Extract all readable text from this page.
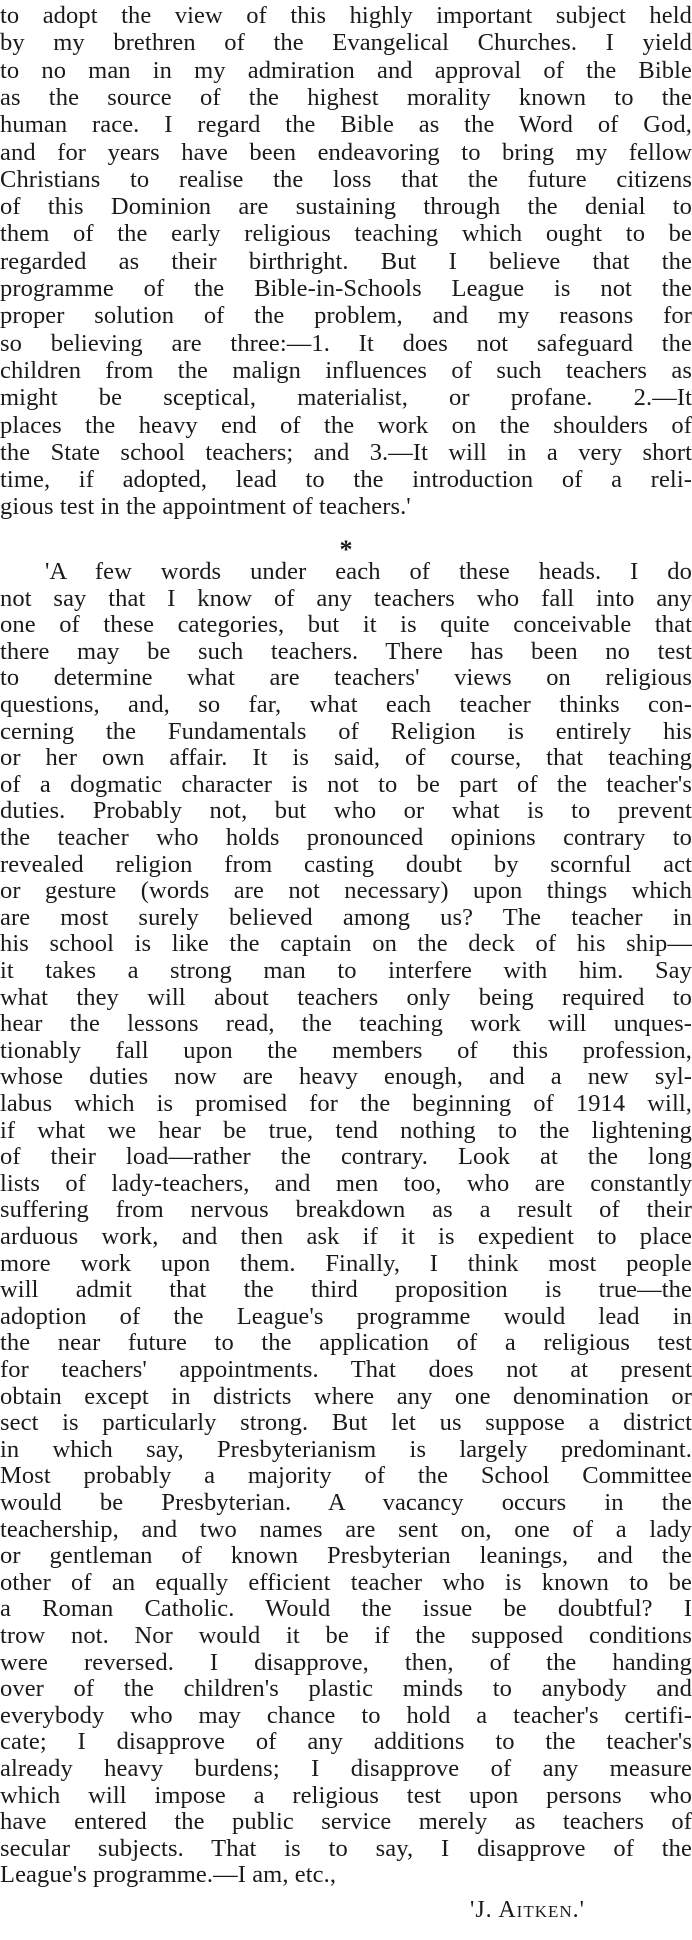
to adopt the view of this highly important subject held
by my brethren of the Evangelical Churches. I yield
to no man in my admiration and approval of the Bible
as the source of the highest morality known to the
human race. I regard the Bible as the Word of God,
and for years have been endeavoring to bring my fellow
Christians to realise the loss that the future citizens
of this Dominion are sustaining through the denial to
them of the early religious teaching which ought to be
regarded as their birthright. But I believe that the
programme of the Bible-in-Schools League is not the
proper solution of the problem, and my reasons for
so believing are three:—1. It does not safeguard the
children from the malign influences of such teachers as
might be sceptical, materialist, or profane. 2.—It
places the heavy end of the work on the shoulders of
the State school teachers; and 3.—It will in a very short
time, if adopted, lead to the introduction of a reli-
gious test in the appointment of teachers.'
*
'A few words under each of these heads. I do
not say that I know of any teachers who fall into any
one of these categories, but it is quite conceivable that
there may be such teachers. There has been no test
to determine what are teachers' views on religious
questions, and, so far, what each teacher thinks con-
cerning the Fundamentals of Religion is entirely his
or her own affair. It is said, of course, that teaching
of a dogmatic character is not to be part of the teacher's
duties. Probably not, but who or what is to prevent
the teacher who holds pronounced opinions contrary to
revealed religion from casting doubt by scornful act
or gesture (words are not necessary) upon things which
are most surely believed among us? The teacher in
his school is like the captain on the deck of his ship—
it takes a strong man to interfere with him. Say
what they will about teachers only being required to
hear the lessons read, the teaching work will unques-
tionably fall upon the members of this profession,
whose duties now are heavy enough, and a new syl-
labus which is promised for the beginning of 1914 will,
if what we hear be true, tend nothing to the lightening
of their load—rather the contrary. Look at the long
lists of lady-teachers, and men too, who are constantly
suffering from nervous breakdown as a result of their
arduous work, and then ask if it is expedient to place
more work upon them. Finally, I think most people
will admit that the third proposition is true—the
adoption of the League's programme would lead in
the near future to the application of a religious test
for teachers' appointments. That does not at present
obtain except in districts where any one denomination or
sect is particularly strong. But let us suppose a district
in which say, Presbyterianism is largely predominant.
Most probably a majority of the School Committee
would be Presbyterian. A vacancy occurs in the
teachership, and two names are sent on, one of a lady
or gentleman of known Presbyterian leanings, and the
other of an equally efficient teacher who is known to be
a Roman Catholic. Would the issue be doubtful? I
trow not. Nor would it be if the supposed conditions
were reversed. I disapprove, then, of the handing
over of the children's plastic minds to anybody and
everybody who may chance to hold a teacher's certifi-
cate; I disapprove of any additions to the teacher's
already heavy burdens; I disapprove of any measure
which will impose a religious test upon persons who
have entered the public service merely as teachers of
secular subjects. That is to say, I disapprove of the
League's programme.—I am, etc.,
'J. Aitken.'
